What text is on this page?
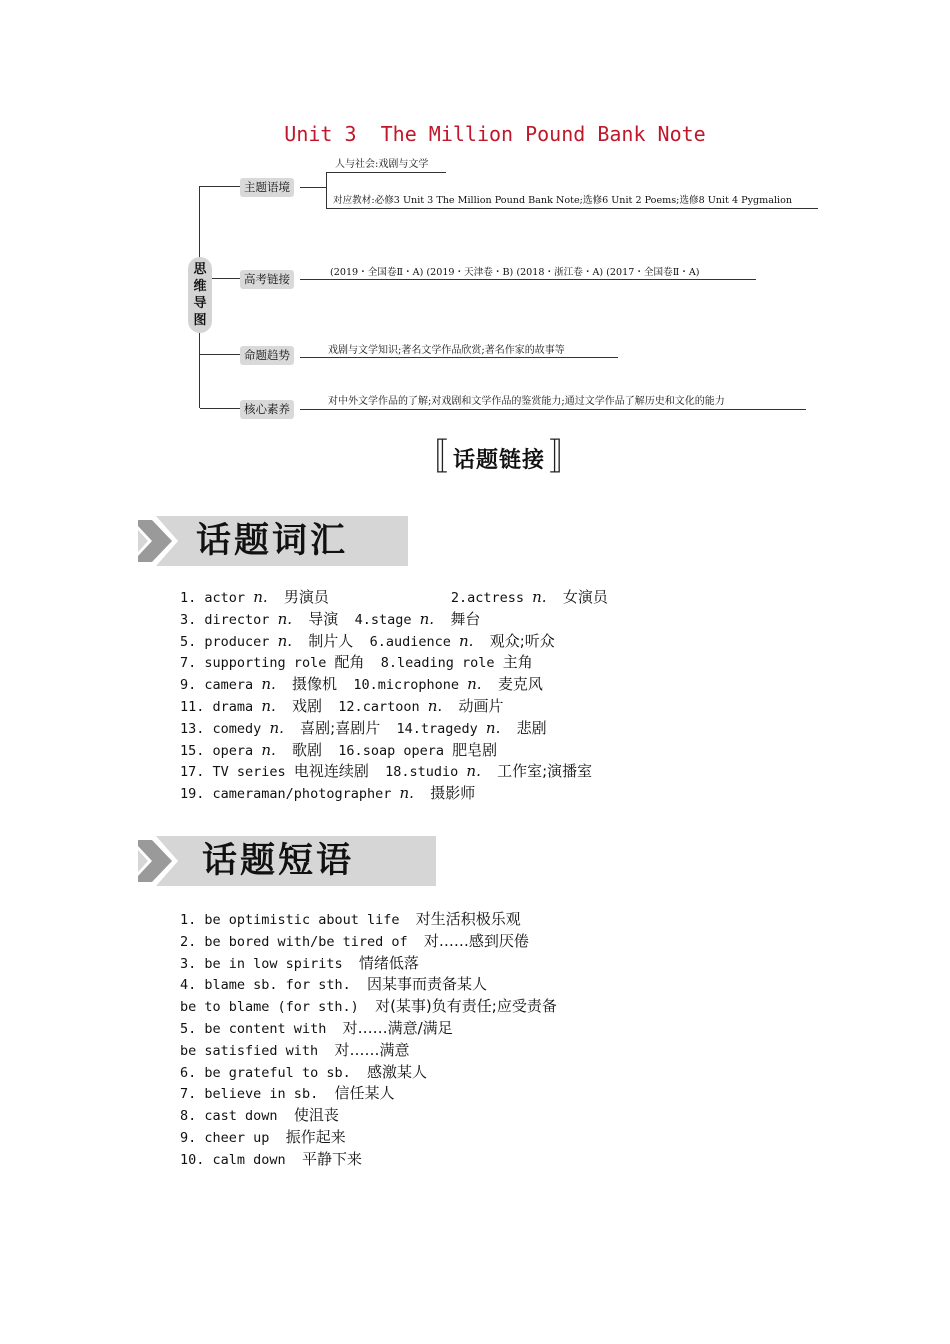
Unit 3  The Million Pound Bank Note
思
维
导
图
主题语境
人与社会:戏剧与文学
对应教材:必修3 Unit 3 The Million Pound Bank Note;选修6 Unit 2 Poems;选修8 Unit 4 Pygmalion
高考链接	(2019・全国卷Ⅱ・A) (2019・天津卷・B) (2018・浙江卷・A) (2017・全国卷Ⅱ・A)
命题趋势	戏剧与文学知识;著名文学作品欣赏;著名作家的故事等
核心素养
对中外文学作品的了解;对戏剧和文学作品的鉴赏能力;通过文学作品了解历史和文化的能力
〚 话题链接 〛
话题词汇
1. actor n. 男演员	2.actress n. 女演员
3. director n. 导演 4.stage n. 舞台
5. producer n. 制片人 6.audience n. 观众;听众
7. supporting role 配角 8.leading role 主角
9. camera n. 摄像机 10.microphone n. 麦克风
11. drama n. 戏剧 12.cartoon n. 动画片
13. comedy n. 喜剧;喜剧片 14.tragedy n. 悲剧
15. opera n. 歌剧 16.soap opera 肥皂剧
17. TV series 电视连续剧 18.studio n. 工作室;演播室
19. cameraman/photographer n. 摄影师
话题短语
1. be optimistic about life 对生活积极乐观
2. be bored with/be tired of 对……感到厌倦
3. be in low spirits 情绪低落
4. blame sb. for sth. 因某事而责备某人
be to blame (for sth.) 对(某事)负有责任;应受责备
5. be content with 对……满意/满足
be satisfied with 对……满意
6. be grateful to sb. 感激某人
7. believe in sb. 信任某人
8. cast down 使沮丧
9. cheer up 振作起来
10. calm down 平静下来
